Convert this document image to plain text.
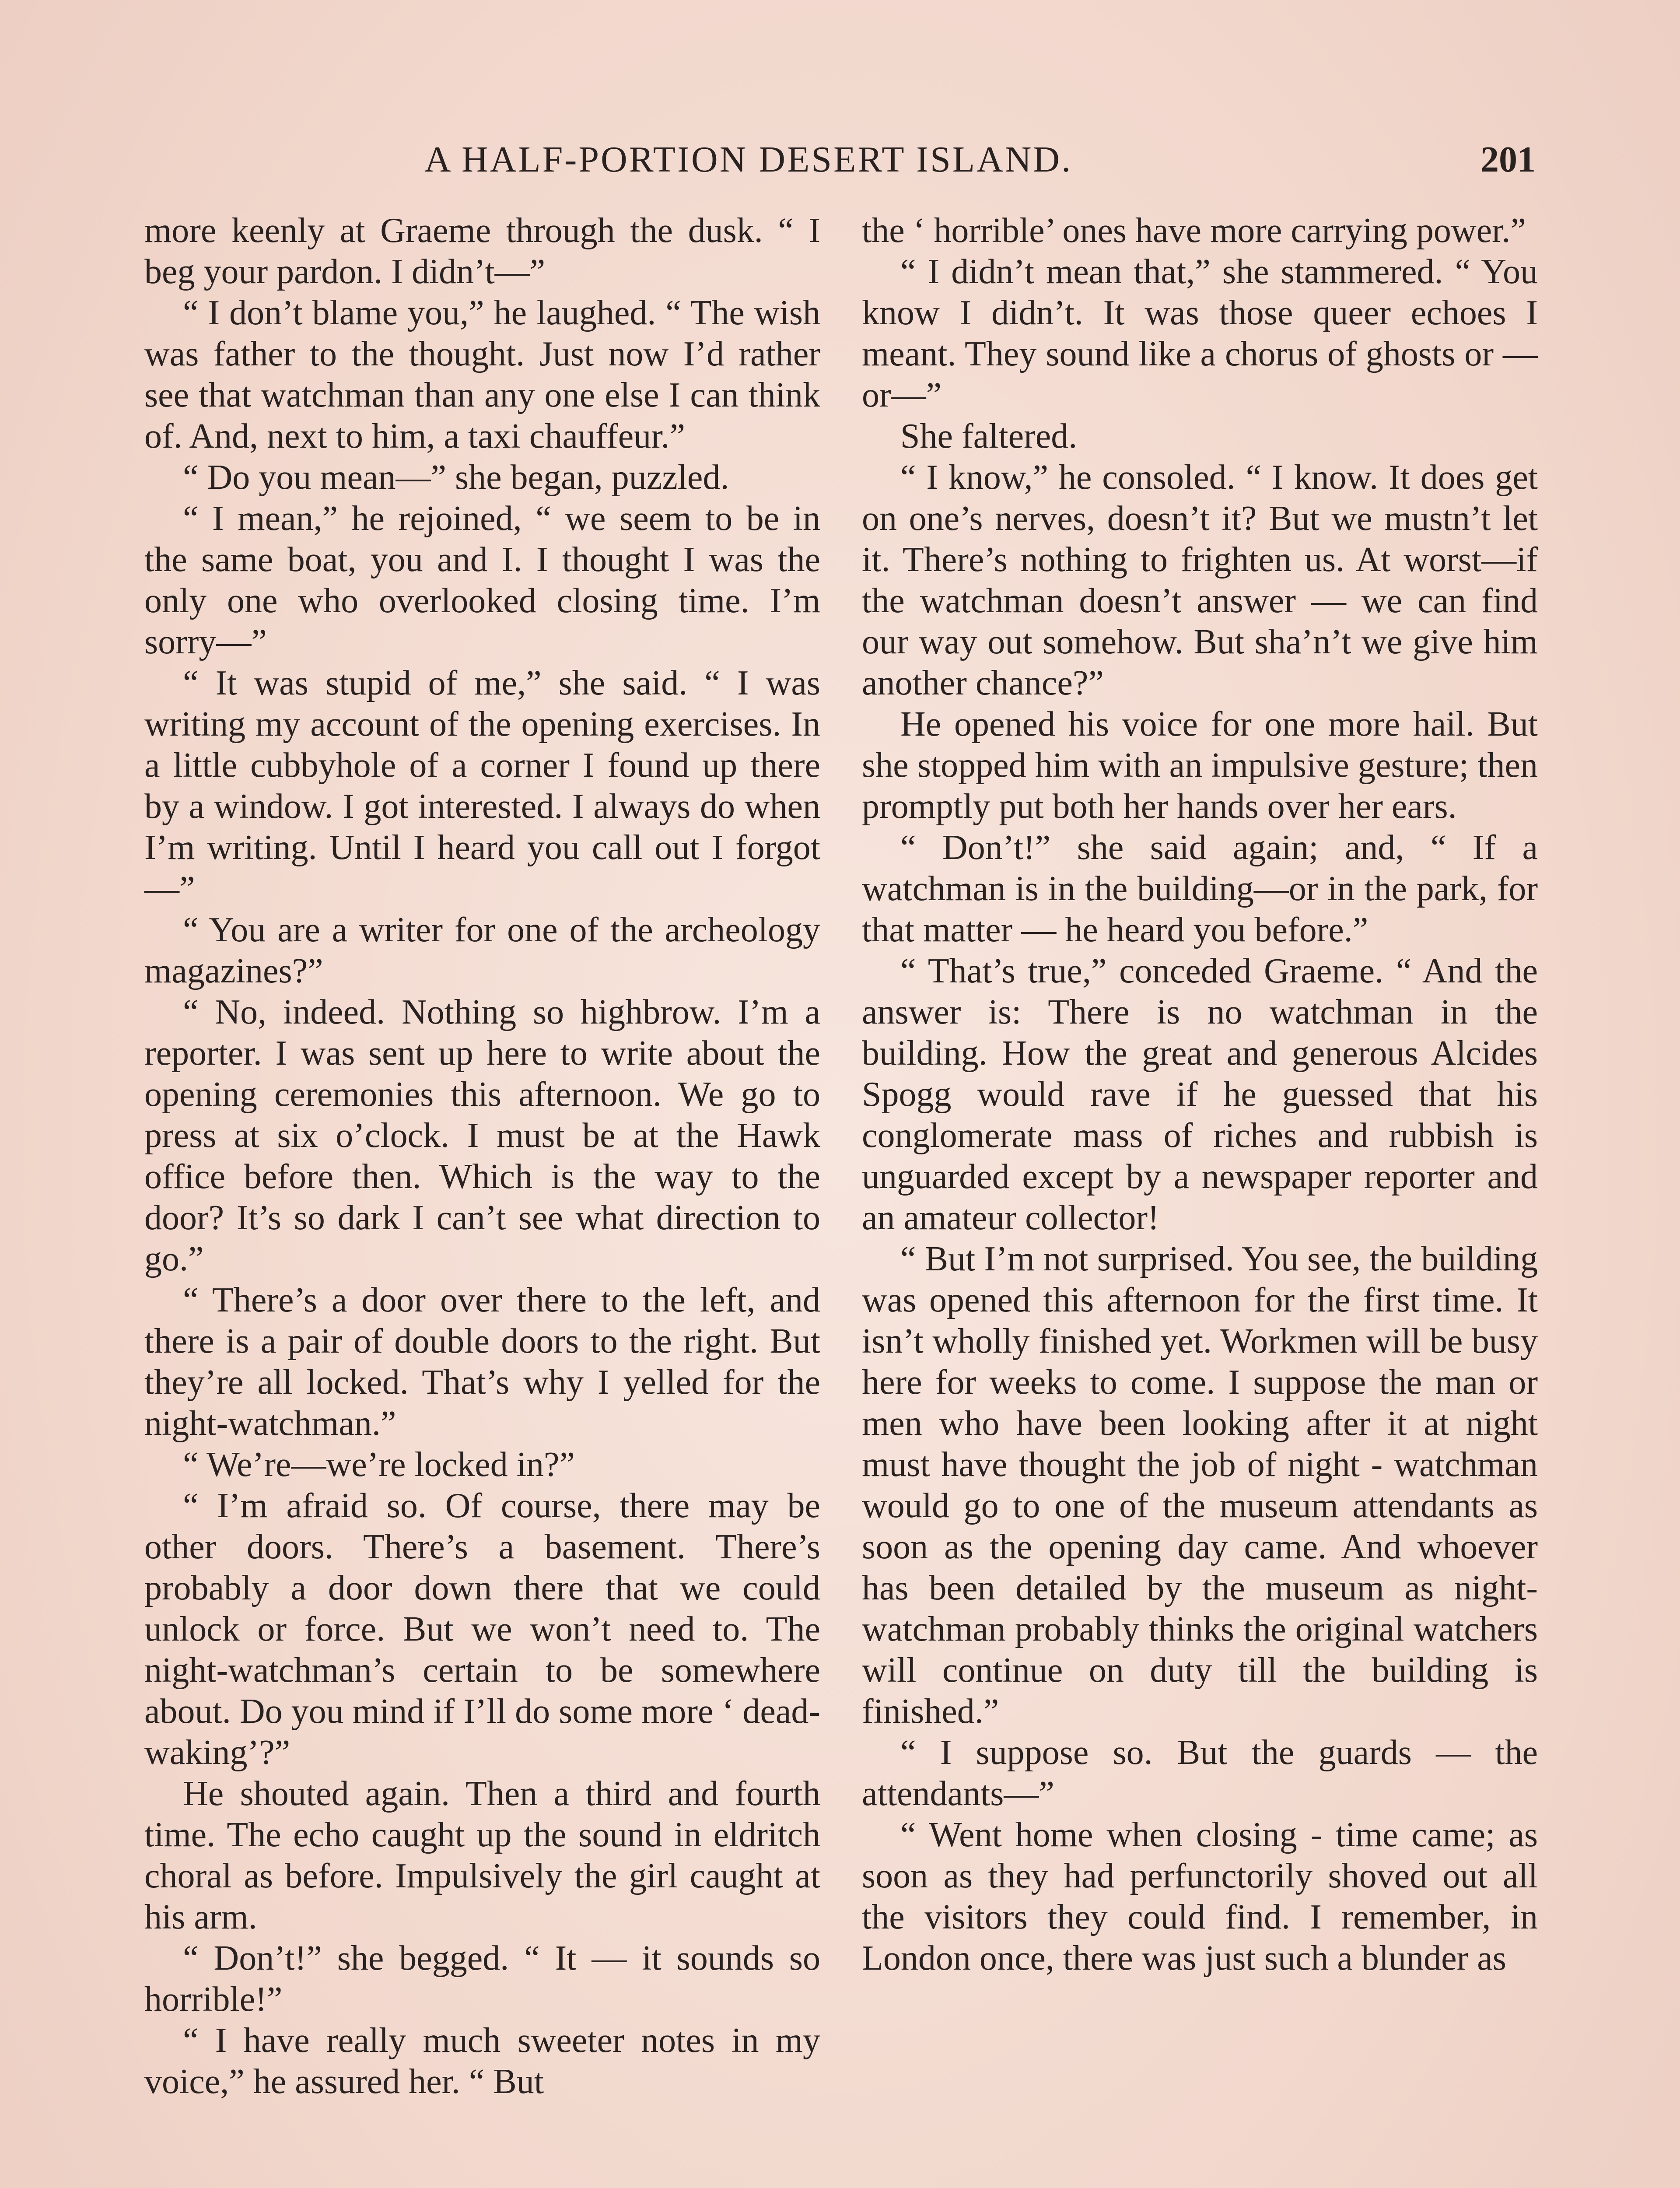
A HALF-PORTION DESERT ISLAND.	201

more keenly at Graeme through the dusk. “ I beg your pardon. I didn’t—”

“ I don’t blame you,” he laughed. “ The wish was father to the thought. Just now I’d rather see that watchman than any one else I can think of. And, next to him, a taxi chauffeur.”

“ Do you mean—” she began, puzzled.

“ I mean,” he rejoined, “ we seem to be in the same boat, you and I. I thought I was the only one who overlooked closing time. I’m sorry—”

“ It was stupid of me,” she said. “ I was writing my account of the opening exercises. In a little cubbyhole of a corner I found up there by a window. I got interested. I always do when I’m writing. Until I heard you call out I forgot—”

“ You are a writer for one of the archeology magazines?”

“ No, indeed. Nothing so highbrow. I’m a reporter. I was sent up here to write about the opening ceremonies this afternoon. We go to press at six o’clock. I must be at the Hawk office before then. Which is the way to the door? It’s so dark I can’t see what direction to go.”

“ There’s a door over there to the left, and there is a pair of double doors to the right. But they’re all locked. That’s why I yelled for the night-watchman.”

“ We’re—we’re locked in?”

“ I’m afraid so. Of course, there may be other doors. There’s a basement. There’s probably a door down there that we could unlock or force. But we won’t need to. The night-watchman’s certain to be somewhere about. Do you mind if I’ll do some more ‘ dead-waking’?”

He shouted again. Then a third and fourth time. The echo caught up the sound in eldritch choral as before. Impulsively the girl caught at his arm.

“ Don’t!” she begged. “ It — it sounds so horrible!”

“ I have really much sweeter notes in my voice,” he assured her. “ But

the ‘ horrible’ ones have more carrying power.”

“ I didn’t mean that,” she stammered. “ You know I didn’t. It was those queer echoes I meant. They sound like a chorus of ghosts or — or—”

She faltered.

“ I know,” he consoled. “ I know. It does get on one’s nerves, doesn’t it? But we mustn’t let it. There’s nothing to frighten us. At worst—if the watchman doesn’t answer — we can find our way out somehow. But sha’n’t we give him another chance?”

He opened his voice for one more hail. But she stopped him with an impulsive gesture; then promptly put both her hands over her ears.

“ Don’t!” she said again; and, “ If a watchman is in the building—or in the park, for that matter — he heard you before.”

“ That’s true,” conceded Graeme. “ And the answer is: There is no watchman in the building. How the great and generous Alcides Spogg would rave if he guessed that his conglomerate mass of riches and rubbish is unguarded except by a newspaper reporter and an amateur collector!

“ But I’m not surprised. You see, the building was opened this afternoon for the first time. It isn’t wholly finished yet. Workmen will be busy here for weeks to come. I suppose the man or men who have been looking after it at night must have thought the job of night - watchman would go to one of the museum attendants as soon as the opening day came. And whoever has been detailed by the museum as night-watchman probably thinks the original watchers will continue on duty till the building is finished.”

“ I suppose so. But the guards — the attendants—”

“ Went home when closing - time came; as soon as they had perfunctorily shoved out all the visitors they could find. I remember, in London once, there was just such a blunder as
